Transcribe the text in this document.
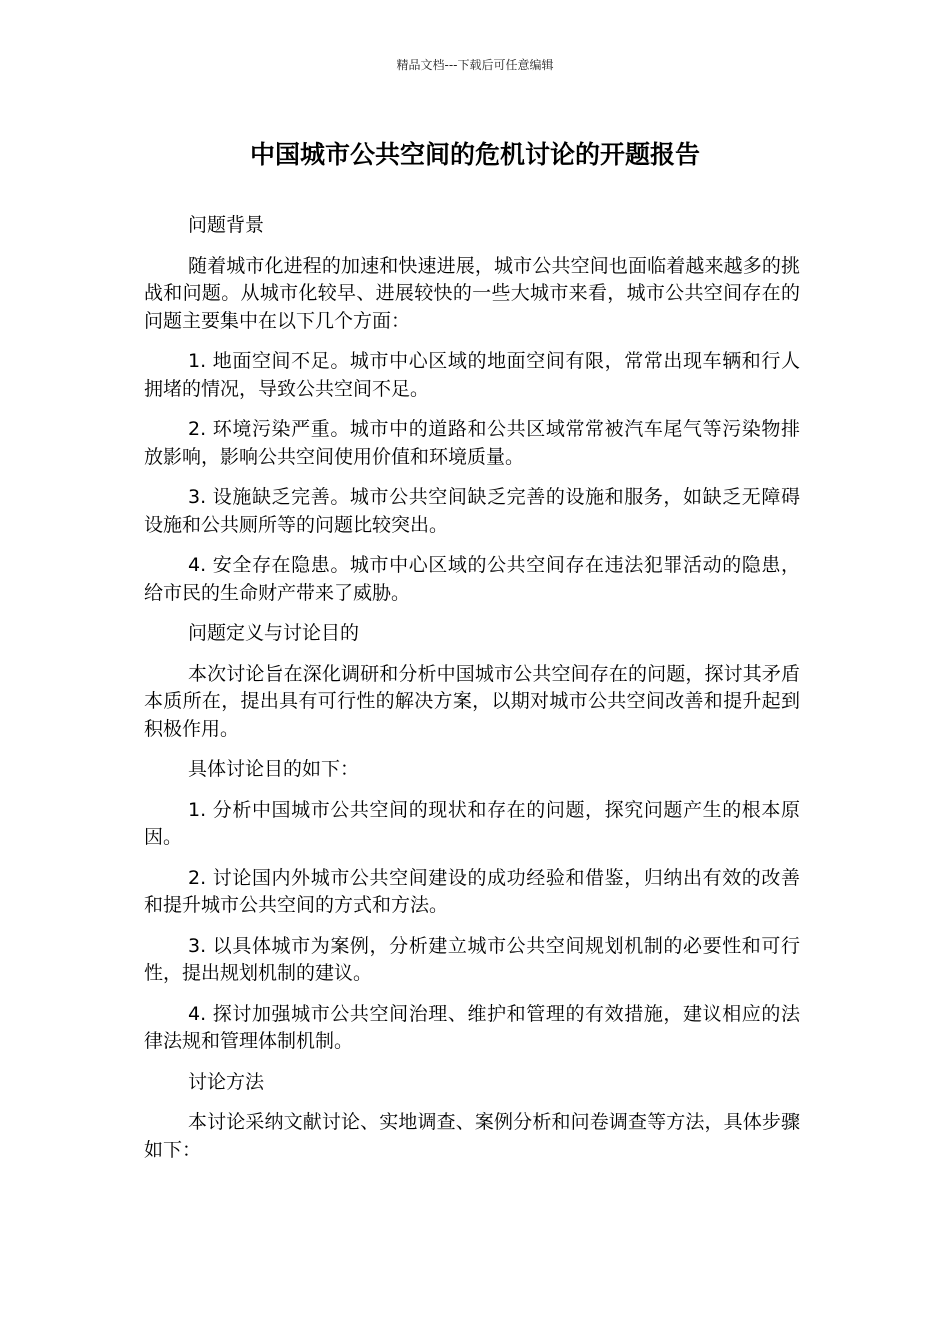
精品文档---下载后可任意编辑
中国城市公共空间的危机讨论的开题报告

问题背景

随着城市化进程的加速和快速进展，城市公共空间也面临着越来越多的挑战和问题。从城市化较早、进展较快的一些大城市来看，城市公共空间存在的问题主要集中在以下几个方面：

1. 地面空间不足。城市中心区域的地面空间有限，常常出现车辆和行人拥堵的情况，导致公共空间不足。

2. 环境污染严重。城市中的道路和公共区域常常被汽车尾气等污染物排放影响，影响公共空间使用价值和环境质量。

3. 设施缺乏完善。城市公共空间缺乏完善的设施和服务，如缺乏无障碍设施和公共厕所等的问题比较突出。

4. 安全存在隐患。城市中心区域的公共空间存在违法犯罪活动的隐患，给市民的生命财产带来了威胁。

问题定义与讨论目的

本次讨论旨在深化调研和分析中国城市公共空间存在的问题，探讨其矛盾本质所在，提出具有可行性的解决方案，以期对城市公共空间改善和提升起到积极作用。

具体讨论目的如下：

1. 分析中国城市公共空间的现状和存在的问题，探究问题产生的根本原因。

2. 讨论国内外城市公共空间建设的成功经验和借鉴，归纳出有效的改善和提升城市公共空间的方式和方法。

3. 以具体城市为案例，分析建立城市公共空间规划机制的必要性和可行性，提出规划机制的建议。

4. 探讨加强城市公共空间治理、维护和管理的有效措施，建议相应的法律法规和管理体制机制。

讨论方法

本讨论采纳文献讨论、实地调查、案例分析和问卷调查等方法，具体步骤如下：
